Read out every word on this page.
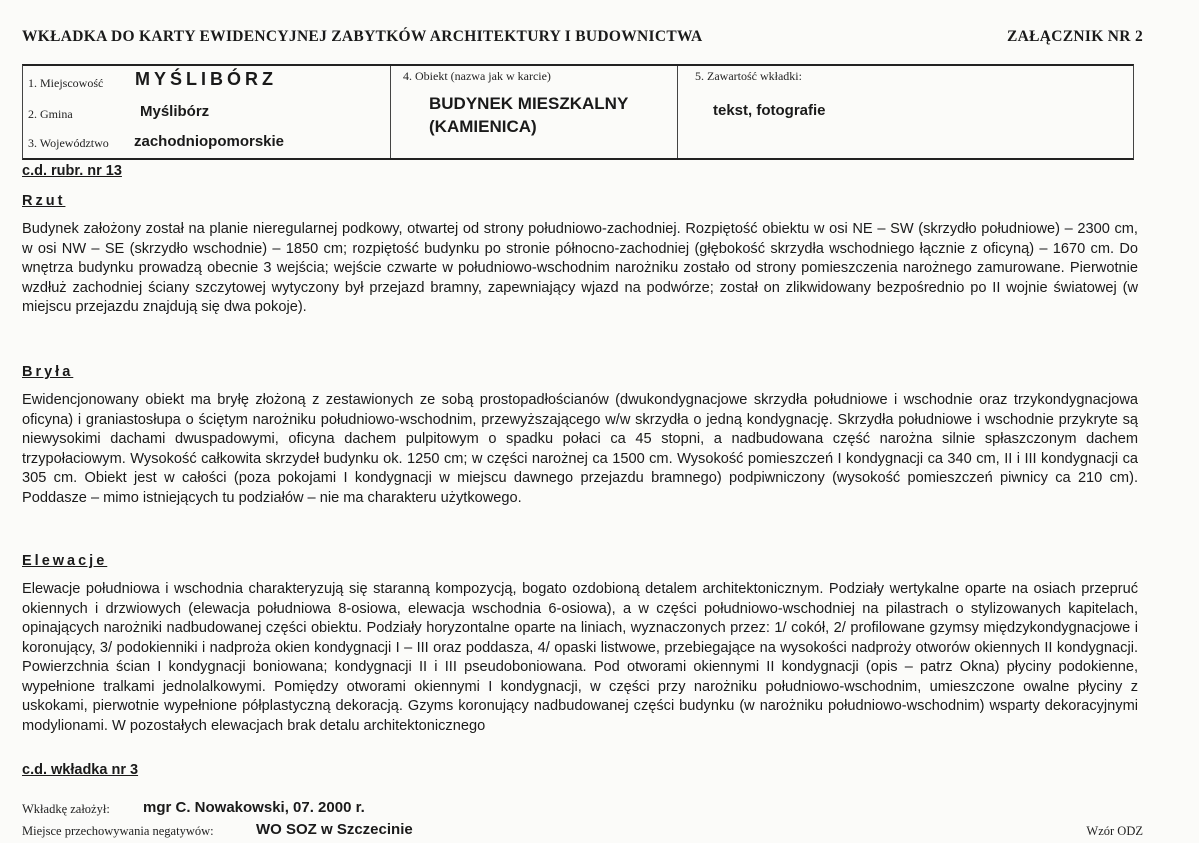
WKŁADKA DO KARTY EWIDENCYJNEJ ZABYTKÓW ARCHITEKTURY I BUDOWNICTWA	ZAŁĄCZNIK NR 2
1. Miejscowość MYŚLIBÓRZ
2. Gmina	Myślibórz
3. Województwo zachodniopomorskie
4. Obiekt (nazwa jak w karcie)
BUDYNEK MIESZKALNY
(KAMIENICA)
5. Zawartość wkładki:
tekst, fotografie
c.d. rubr. nr 13
Rzut

Budynek założony został na planie nieregularnej podkowy, otwartej od strony południowo-zachodniej. Rozpiętość obiektu w osi NE – SW (skrzydło południowe) – 2300 cm, w osi NW – SE (skrzydło wschodnie) – 1850 cm; rozpiętość budynku po stronie północno-zachodniej (głębokość skrzydła wschodniego łącznie z oficyną) – 1670 cm. Do wnętrza budynku prowadzą obecnie 3 wejścia; wejście czwarte w południowo-wschodnim narożniku zostało od strony pomieszczenia narożnego zamurowane. Pierwotnie wzdłuż zachodniej ściany szczytowej wytyczony był przejazd bramny, zapewniający wjazd na podwórze; został on zlikwidowany bezpośrednio po II wojnie światowej (w miejscu przejazdu znajdują się dwa pokoje).

Bryła

Ewidencjonowany obiekt ma bryłę złożoną z zestawionych ze sobą prostopadłościanów (dwukondygnacjowe skrzydła południowe i wschodnie oraz trzykondygnacjowa oficyna) i graniastosłupa o ściętym narożniku południowo-wschodnim, przewyższającego w/w skrzydła o jedną kondygnację. Skrzydła południowe i wschodnie przykryte są niewysokimi dachami dwuspadowymi, oficyna dachem pulpitowym o spadku połaci ca 45 stopni, a nadbudowana część narożna silnie spłaszczonym dachem trzypołaciowym. Wysokość całkowita skrzydeł budynku ok. 1250 cm; w części narożnej ca 1500 cm. Wysokość pomieszczeń I kondygnacji ca 340 cm, II i III kondygnacji ca 305 cm. Obiekt jest w całości (poza pokojami I kondygnacji w miejscu dawnego przejazdu bramnego) podpiwniczony (wysokość pomieszczeń piwnicy ca 210 cm). Poddasze – mimo istniejących tu podziałów – nie ma charakteru użytkowego.

Elewacje

Elewacje południowa i wschodnia charakteryzują się staranną kompozycją, bogato ozdobioną detalem architektonicznym. Podziały wertykalne oparte na osiach przepruć okiennych i drzwiowych (elewacja południowa 8-osiowa, elewacja wschodnia 6-osiowa), a w części południowo-wschodniej na pilastrach o stylizowanych kapitelach, opinających narożniki nadbudowanej części obiektu. Podziały horyzontalne oparte na liniach, wyznaczonych przez: 1/ cokół, 2/ profilowane gzymsy międzykondygnacjowe i koronujący, 3/ podokienniki i nadproża okien kondygnacji I – III oraz poddasza, 4/ opaski listwowe, przebiegające na wysokości nadproży otworów okiennych II kondygnacji. Powierzchnia ścian I kondygnacji boniowana; kondygnacji II i III pseudoboniowana. Pod otworami okiennymi II kondygnacji (opis – patrz Okna) płyciny podokienne, wypełnione tralkami jednolalkowymi. Pomiędzy otworami okiennymi I kondygnacji, w części przy narożniku południowo-wschodnim, umieszczone owalne płyciny z uskokami, pierwotnie wypełnione półplastyczną dekoracją. Gzyms koronujący nadbudowanej części budynku (w narożniku południowo-wschodnim) wsparty dekoracyjnymi modylionami. W pozostałych elewacjach brak detalu architektonicznego

c.d. wkładka nr 3
Wkładkę założył: mgr C. Nowakowski, 07. 2000 r.
Miejsce przechowywania negatywów:	WO SOZ w Szczecinie	Wzór ODZ
